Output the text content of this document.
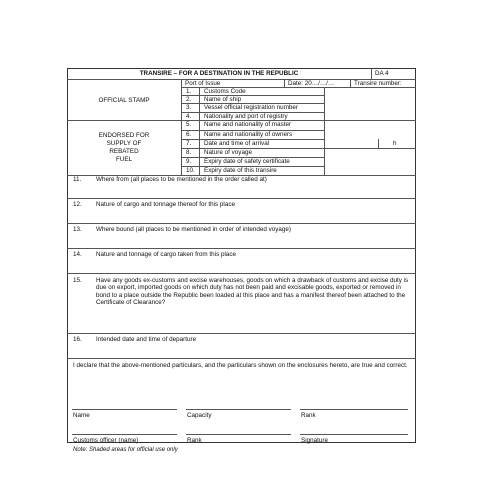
TRANSIRE – FOR A DESTINATION IN THE REPUBLIC	DA 4
Port of Issue	Date: 20…/…/…	Transire number:
OFFICIAL STAMP
ENDORSED FOR
SUPPLY OF
REBATED
FUEL
1. Customs Code
2. Name of ship
3. Vessel official registration number
4. Nationality and port of registry
5. Name and nationality of master
6. Name and nationality of owners
7. Date and time of arrival	h
8. Nature of voyage
9. Expiry date of safety certificate
10. Expiry date of this transire
11. Where from (all places to be mentioned in the order called at)
12. Nature of cargo and tonnage thereof for this place
13. Where bound (all places to be mentioned in order of intended voyage)
14. Nature and tonnage of cargo taken from this place
15. Have any goods ex-customs and excise warehouses, goods on which a drawback of customs and excise duty is due on export, imported goods on which duty has not been paid and excisable goods, exported or removed in bond to a place outside the Republic been loaded at this place and has a manifest thereof been attached to the Certificate of Clearance?
16. Intended date and time of departure
I declare that the above-mentioned particulars, and the particulars shown on the enclosures hereto, are true and correct.
Name	Capacity	Rank
Customs officer (name)	Rank	Signature
Note: Shaded areas for official use only
